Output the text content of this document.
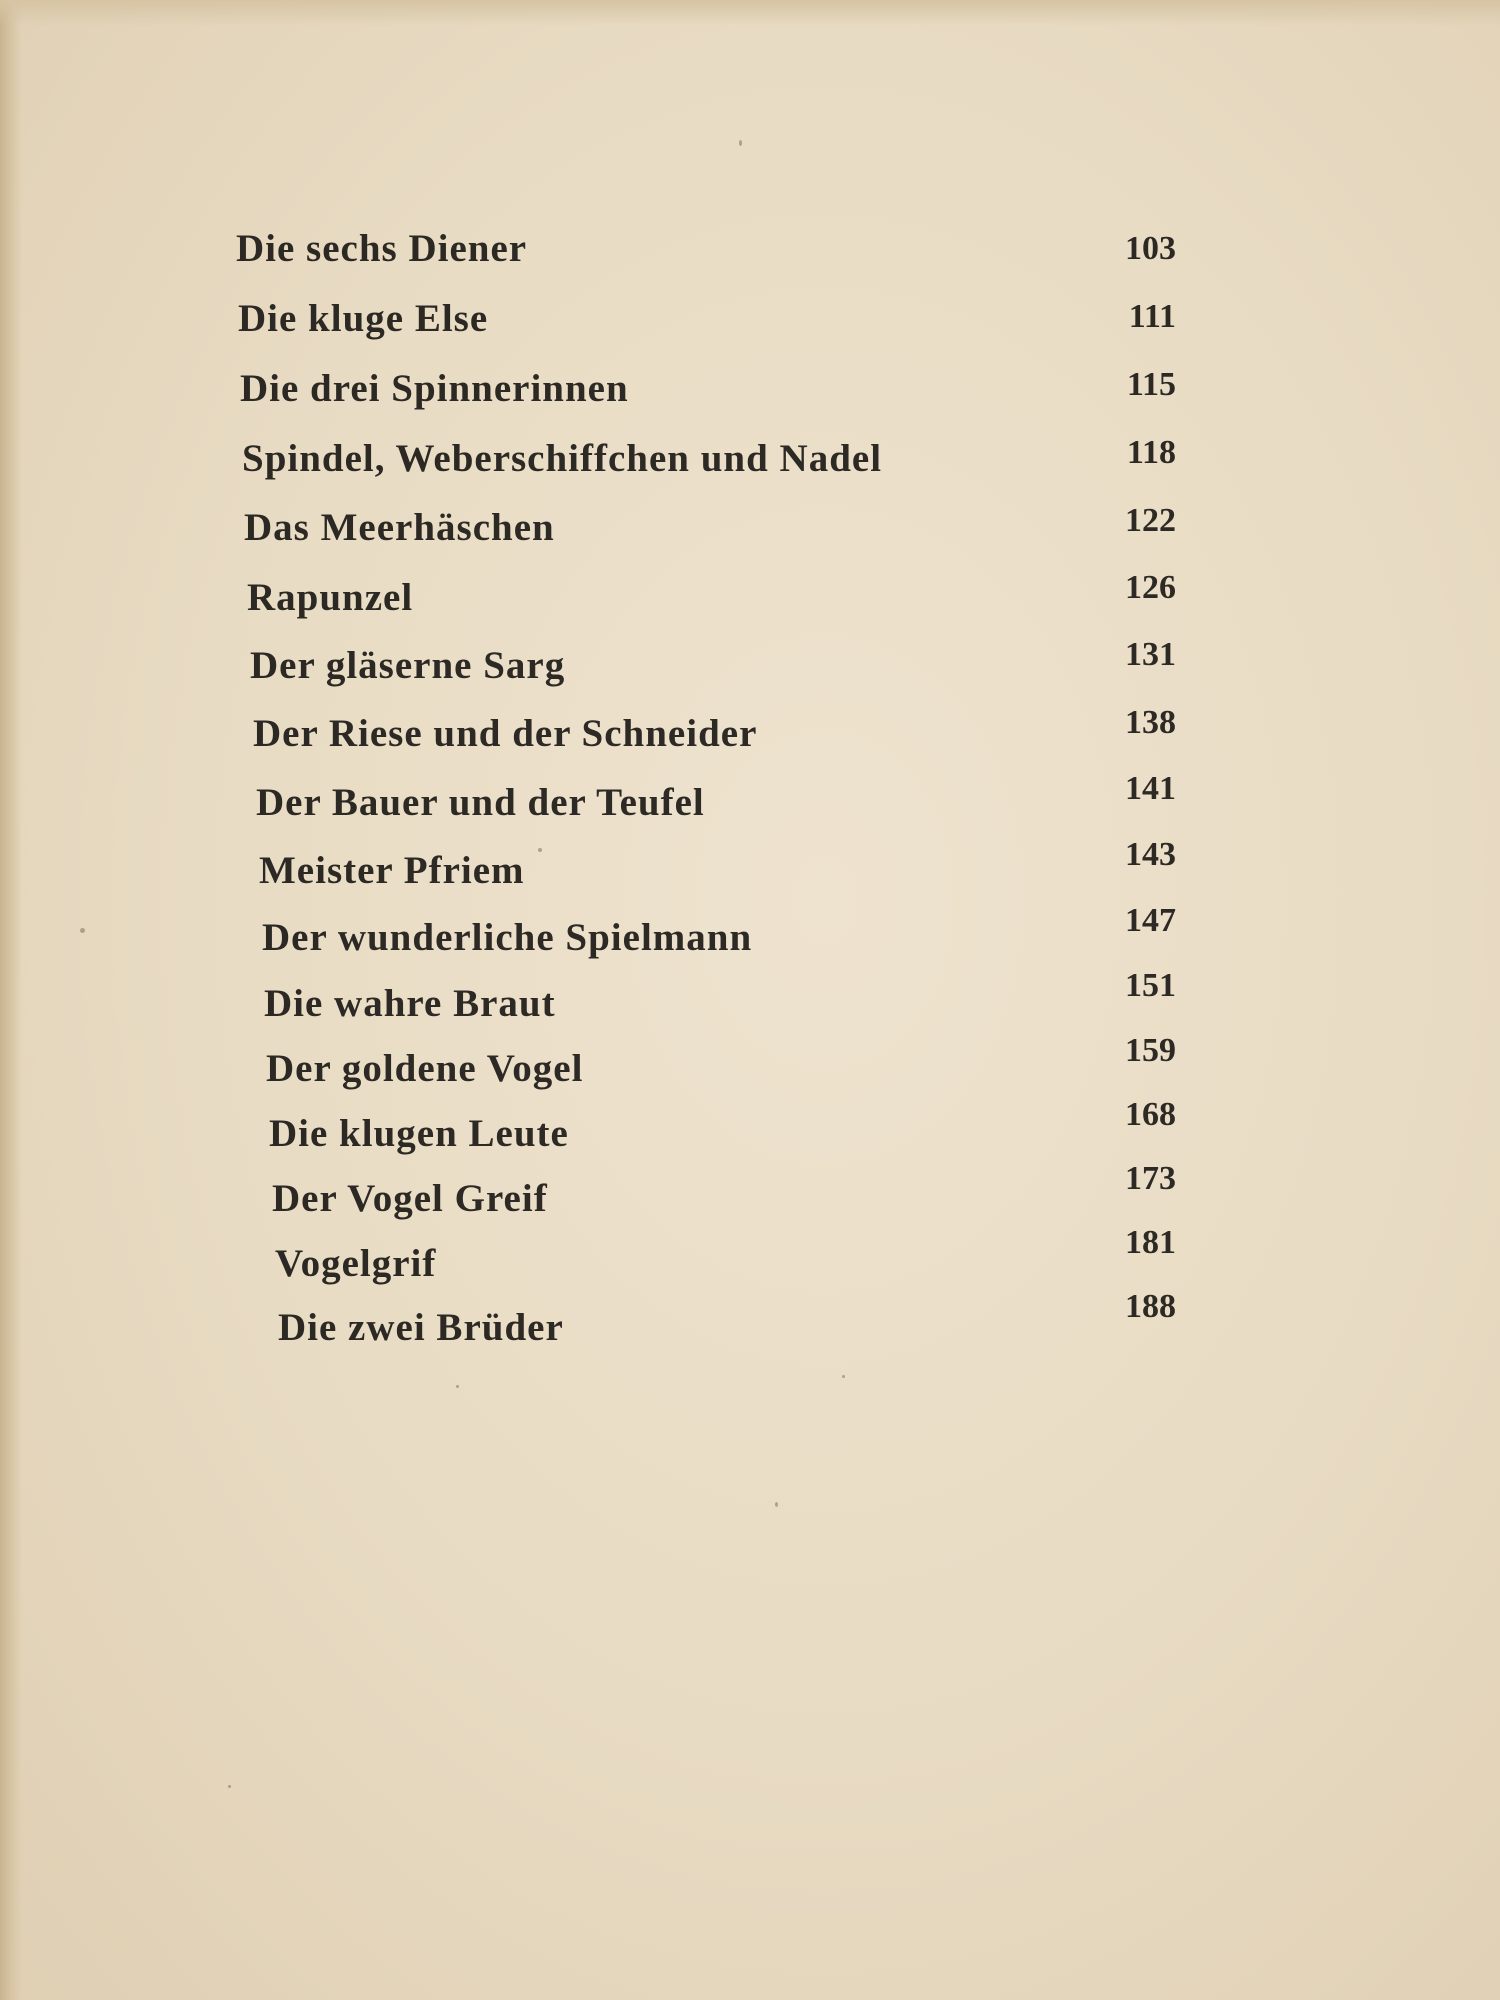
Die sechs Diener	103
Die kluge Else	111
Die drei Spinnerinnen	115
Spindel, Weberschiffchen und Nadel	118
Das Meerhäschen	122
Rapunzel	126
Der gläserne Sarg	131
Der Riese und der Schneider	138
Der Bauer und der Teufel	141
Meister Pfriem	143
Der wunderliche Spielmann	147
Die wahre Braut	151
Der goldene Vogel	159
Die klugen Leute	168
Der Vogel Greif	173
Vogelgrif	181
Die zwei Brüder	188
